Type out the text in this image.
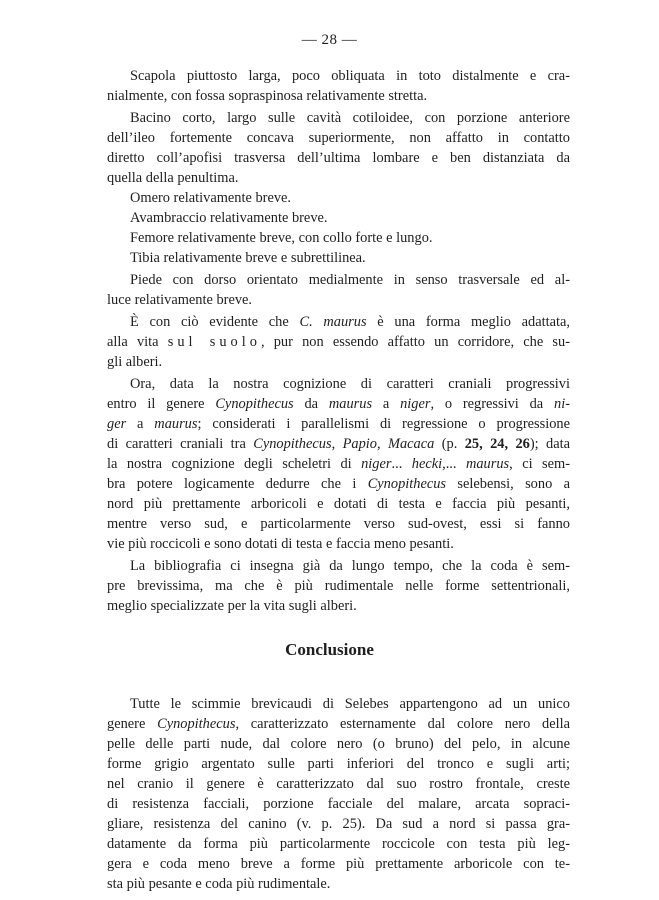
— 28 —
Scapola piuttosto larga, poco obliquata in toto distalmente e cra-
nialmente, con fossa sopraspinosa relativamente stretta.
Bacino corto, largo sulle cavità cotiloidee, con porzione anteriore
dell’ileo fortemente concava superiormente, non affatto in contatto
diretto coll’apofisi trasversa dell’ultima lombare e ben distanziata da
quella della penultima.
Omero relativamente breve.
Avambraccio relativamente breve.
Femore relativamente breve, con collo forte e lungo.
Tibia relativamente breve e subrettilinea.
Piede con dorso orientato medialmente in senso trasversale ed al-
luce relativamente breve.
È con ciò evidente che C. maurus è una forma meglio adattata,
alla vita sul suolo, pur non essendo affatto un corridore, che su-
gli alberi.
Ora, data la nostra cognizione di caratteri craniali progressivi
entro il genere Cynopithecus da maurus a niger, o regressivi da ni-
ger a maurus; considerati i parallelismi di regressione o progressione
di caratteri craniali tra Cynopithecus, Papio, Macaca (p. 25, 24, 26); data
la nostra cognizione degli scheletri di niger... hecki,... maurus, ci sem-
bra potere logicamente dedurre che i Cynopithecus selebensi, sono a
nord più prettamente arboricoli e dotati di testa e faccia più pesanti,
mentre verso sud, e particolarmente verso sud-ovest, essi si fanno
vie più roccicoli e sono dotati di testa e faccia meno pesanti.
La bibliografia ci insegna già da lungo tempo, che la coda è sem-
pre brevissima, ma che è più rudimentale nelle forme settentrionali,
meglio specializzate per la vita sugli alberi.
Conclusione
Tutte le scimmie brevicaudi di Selebes appartengono ad un unico
genere Cynopithecus, caratterizzato esternamente dal colore nero della
pelle delle parti nude, dal colore nero (o bruno) del pelo, in alcune
forme grigio argentato sulle parti inferiori del tronco e sugli arti;
nel cranio il genere è caratterizzato dal suo rostro frontale, creste
di resistenza facciali, porzione facciale del malare, arcata sopraci-
gliare, resistenza del canino (v. p. 25). Da sud a nord si passa gra-
datamente da forma più particolarmente roccicole con testa più leg-
gera e coda meno breve a forme più prettamente arboricole con te-
sta più pesante e coda più rudimentale.
